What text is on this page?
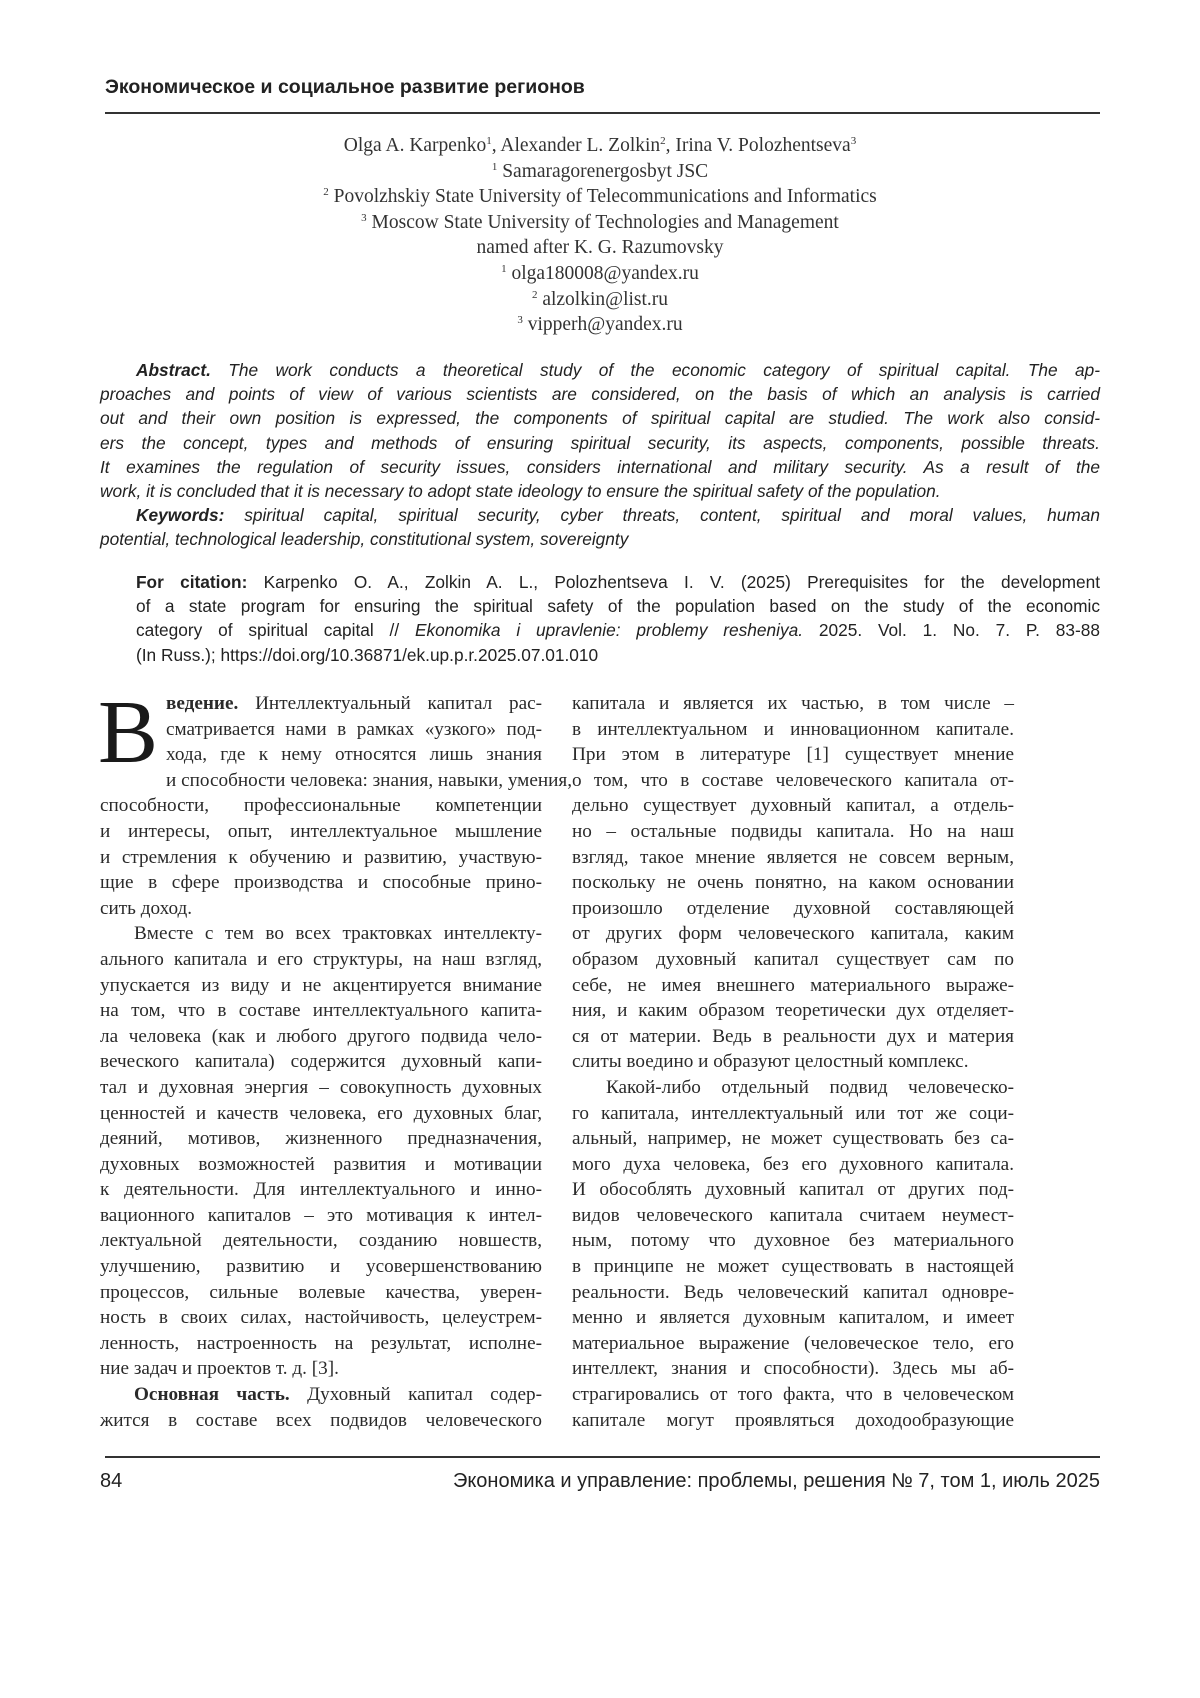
Экономическое и социальное развитие регионов
Olga A. Karpenko$^1$, Alexander L. Zolkin$^2$, Irina V. Polozhentseva$^3$
$^1$ Samaragorenergosbyt JSC
$^2$ Povolzhskiy State University of Telecommunications and Informatics
$^3$ Moscow State University of Technologies and Management
named after K. G. Razumovsky
$^1$ olga180008@yandex.ru
$^2$ alzolkin@list.ru
$^3$ vipperh@yandex.ru
Abstract. The work conducts a theoretical study of the economic category of spiritual capital. The ap-
proaches and points of view of various scientists are considered, on the basis of which an analysis is carried
out and their own position is expressed, the components of spiritual capital are studied. The work also consid-
ers the concept, types and methods of ensuring spiritual security, its aspects, components, possible threats.
It examines the regulation of security issues, considers international and military security. As a result of the
work, it is concluded that it is necessary to adopt state ideology to ensure the spiritual safety of the population.
Keywords: spiritual capital, spiritual security, cyber threats, content, spiritual and moral values, human
potential, technological leadership, constitutional system, sovereignty
For citation: Karpenko O. A., Zolkin A. L., Polozhentseva I. V. (2025) Prerequisites for the development
of a state program for ensuring the spiritual safety of the population based on the study of the economic
category of spiritual capital // Ekonomika i upravlenie: problemy resheniya. 2025. Vol. 1. No. 7. P. 83-88
(In Russ.); https://doi.org/10.36871/ek.up.p.r.2025.07.01.010
В ведение. Интеллектуальный капитал рас-
сматривается нами в рамках «узкого» под-
хода, где к нему относятся лишь знания
и способности человека: знания, навыки, умения,
способности, профессиональные компетенции
и интересы, опыт, интеллектуальное мышление
и стремления к обучению и развитию, участвую-
щие в сфере производства и способные прино-
сить доход.
Вместе с тем во всех трактовках интеллекту-
ального капитала и его структуры, на наш взгляд,
упускается из виду и не акцентируется внимание
на том, что в составе интеллектуального капита-
ла человека (как и любого другого подвида чело-
веческого капитала) содержится духовный капи-
тал и духовная энергия – совокупность духовных
ценностей и качеств человека, его духовных благ,
деяний, мотивов, жизненного предназначения,
духовных возможностей развития и мотивации
к деятельности. Для интеллектуального и инно-
вационного капиталов – это мотивация к интел-
лектуальной деятельности, созданию новшеств,
улучшению, развитию и усовершенствованию
процессов, сильные волевые качества, уверен-
ность в своих силах, настойчивость, целеустрем-
ленность, настроенность на результат, исполне-
ние задач и проектов т. д. [3].
Основная часть. Духовный капитал содер-
жится в составе всех подвидов человеческого
капитала и является их частью, в том числе –
в интеллектуальном и инновационном капитале.
При этом в литературе [1] существует мнение
о том, что в составе человеческого капитала от-
дельно существует духовный капитал, а отдель-
но – остальные подвиды капитала. Но на наш
взгляд, такое мнение является не совсем верным,
поскольку не очень понятно, на каком основании
произошло отделение духовной составляющей
от других форм человеческого капитала, каким
образом духовный капитал существует сам по
себе, не имея внешнего материального выраже-
ния, и каким образом теоретически дух отделяет-
ся от материи. Ведь в реальности дух и материя
слиты воедино и образуют целостный комплекс.
Какой-либо отдельный подвид человеческо-
го капитала, интеллектуальный или тот же соци-
альный, например, не может существовать без са-
мого духа человека, без его духовного капитала.
И обособлять духовный капитал от других под-
видов человеческого капитала считаем неумест-
ным, потому что духовное без материального
в принципе не может существовать в настоящей
реальности. Ведь человеческий капитал одновре-
менно и является духовным капиталом, и имеет
материальное выражение (человеческое тело, его
интеллект, знания и способности). Здесь мы аб-
страгировались от того факта, что в человеческом
капитале могут проявляться доходообразующие
84	Экономика и управление: проблемы, решения № 7, том 1, июль 2025
